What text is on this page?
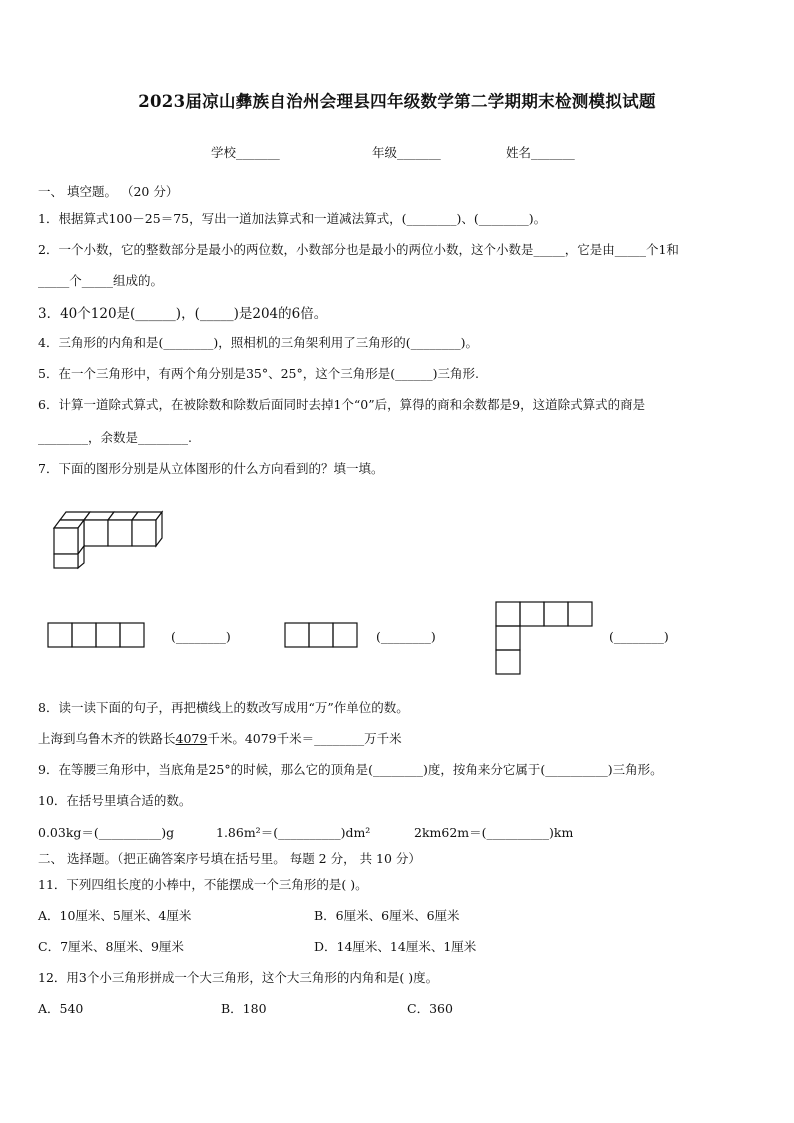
2023届凉山彝族自治州会理县四年级数学第二学期期末检测模拟试题
学校_______	年级_______	姓名_______
一、 填空题。 （20 分）
1．根据算式100－25＝75，写出一道加法算式和一道减法算式，(________)、(________)。
2．一个小数，它的整数部分是最小的两位数，小数部分也是最小的两位小数，这个小数是_____，它是由_____个1和
_____个_____组成的。
3．40个120是(______)，(_____)是204的6倍。
4．三角形的内角和是(________)，照相机的三角架利用了三角形的(________)。
5．在一个三角形中，有两个角分别是35°、25°，这个三角形是(______)三角形.
6．计算一道除式算式，在被除数和除数后面同时去掉1个“0”后，算得的商和余数都是9，这道除式算式的商是
________，余数是________.
7．下面的图形分别是从立体图形的什么方向看到的？填一填。
(________)	(________)	(________)
8．读一读下面的句子，再把横线上的数改写成用“万”作单位的数。
上海到乌鲁木齐的铁路长4079千米。4079千米＝________万千米
9．在等腰三角形中，当底角是25°的时候，那么它的顶角是(________)度，按角来分它属于(__________)三角形。
10．在括号里填合适的数。
0.03kg＝(__________)g	1.86m²＝(__________)dm²	2km62m＝(__________)km
二、 选择题。（把正确答案序号填在括号里。 每题 2 分， 共 10 分）
11．下列四组长度的小棒中，不能摆成一个三角形的是( )。
A．10厘米、5厘米、4厘米	B．6厘米、6厘米、6厘米
C．7厘米、8厘米、9厘米	D．14厘米、14厘米、1厘米
12．用3个小三角形拼成一个大三角形，这个大三角形的内角和是( )度。
A．540	B．180	C．360
